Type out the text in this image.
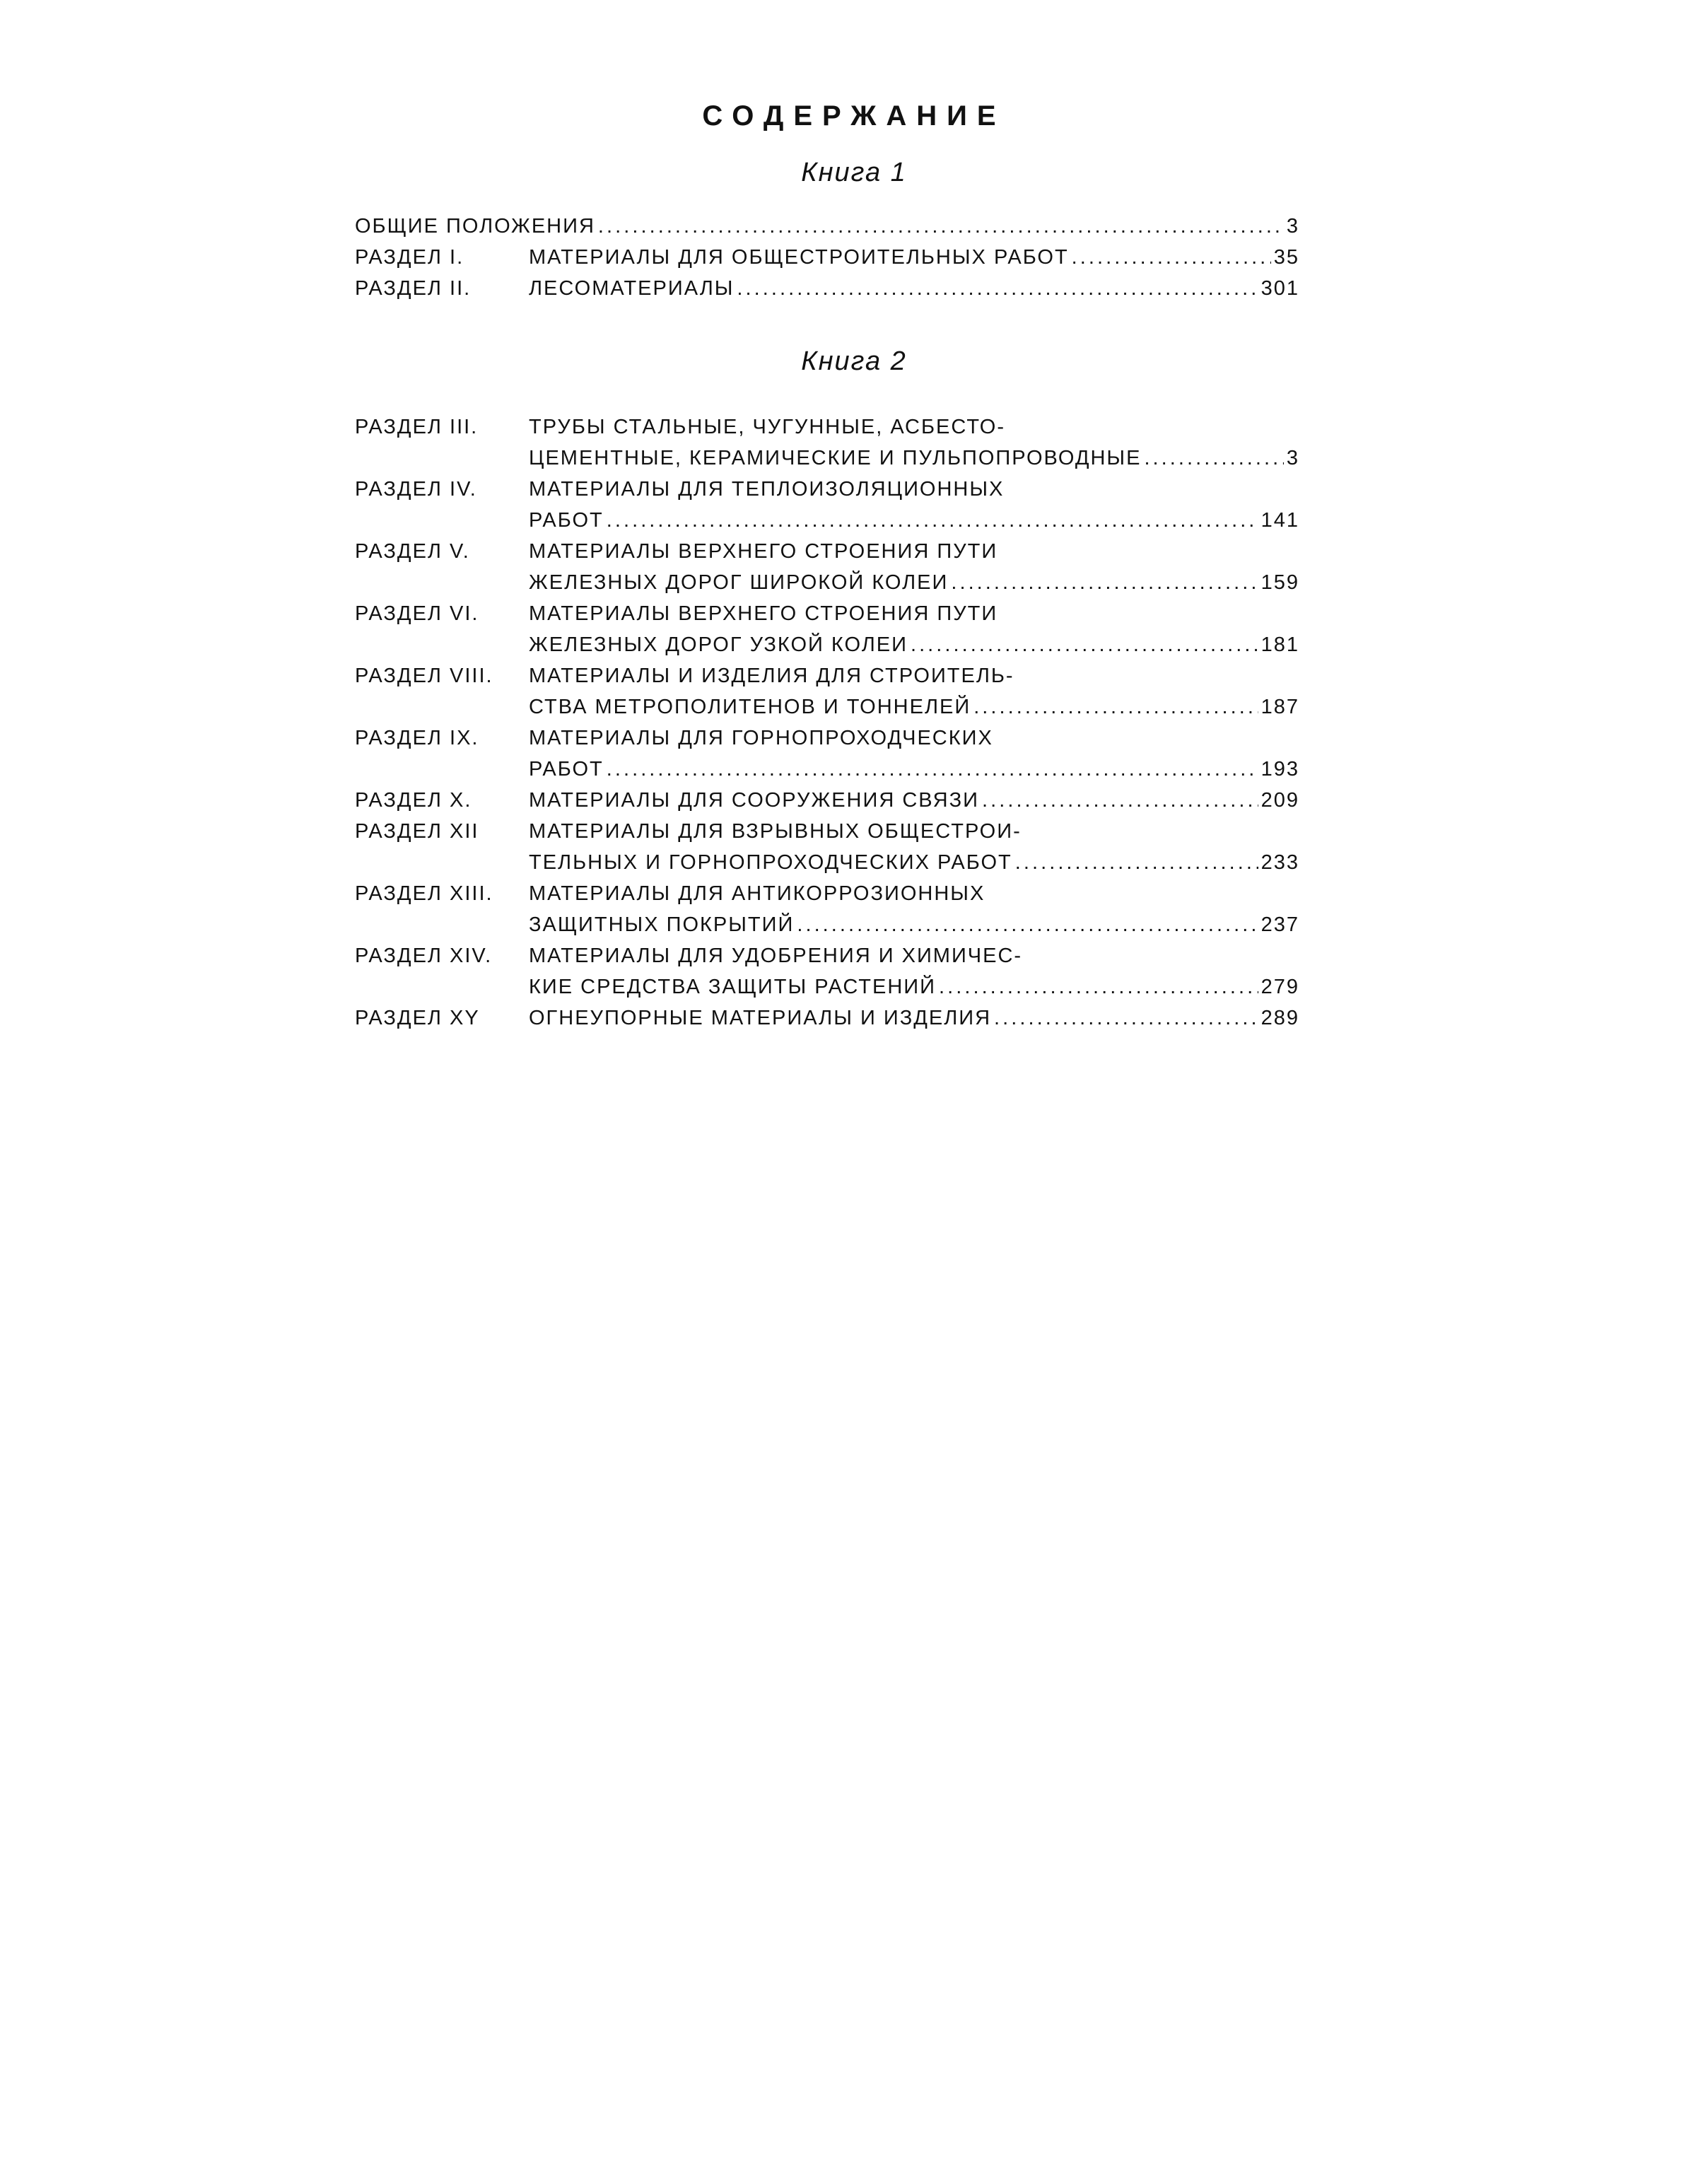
СОДЕРЖАНИЕ
Книга 1
ОБЩИЕ ПОЛОЖЕНИЯ . . .	3
РАЗДЕЛ I.	МАТЕРИАЛЫ ДЛЯ ОБЩЕСТРОИТЕЛЬНЫХ РАБОТ . . .	35
РАЗДЕЛ II.	ЛЕСОМАТЕРИАЛЫ . . .	301
Книга 2
РАЗДЕЛ III.	ТРУБЫ СТАЛЬНЫЕ, ЧУГУННЫЕ, АСБЕСТО-
ЦЕМЕНТНЫЕ, КЕРАМИЧЕСКИЕ И ПУЛЬПОПРОВОДНЫЕ . . .	3
РАЗДЕЛ IV.	МАТЕРИАЛЫ ДЛЯ ТЕПЛОИЗОЛЯЦИОННЫХ
РАБОТ . . .	141
РАЗДЕЛ V.	МАТЕРИАЛЫ ВЕРХНЕГО СТРОЕНИЯ ПУТИ
ЖЕЛЕЗНЫХ ДОРОГ ШИРОКОЙ КОЛЕИ . . .	159
РАЗДЕЛ VI.	МАТЕРИАЛЫ ВЕРХНЕГО СТРОЕНИЯ ПУТИ
ЖЕЛЕЗНЫХ ДОРОГ УЗКОЙ КОЛЕИ . . .	181
РАЗДЕЛ VIII.	МАТЕРИАЛЫ И ИЗДЕЛИЯ ДЛЯ СТРОИТЕЛЬ-
СТВА МЕТРОПОЛИТЕНОВ И ТОННЕЛЕЙ . . .	187
РАЗДЕЛ IX.	МАТЕРИАЛЫ ДЛЯ ГОРНОПРОХОДЧЕСКИХ
РАБОТ . . .	193
РАЗДЕЛ X.	МАТЕРИАЛЫ ДЛЯ СООРУЖЕНИЯ СВЯЗИ . . .	209
РАЗДЕЛ XII	МАТЕРИАЛЫ ДЛЯ ВЗРЫВНЫХ ОБЩЕСТРОИ-
ТЕЛЬНЫХ И ГОРНОПРОХОДЧЕСКИХ РАБОТ . . .	233
РАЗДЕЛ XIII.	МАТЕРИАЛЫ ДЛЯ АНТИКОРРОЗИОННЫХ
ЗАЩИТНЫХ ПОКРЫТИЙ . . .	237
РАЗДЕЛ XIV.	МАТЕРИАЛЫ ДЛЯ УДОБРЕНИЯ И ХИМИЧЕС-
КИЕ СРЕДСТВА ЗАЩИТЫ РАСТЕНИЙ . . .	279
РАЗДЕЛ XY	ОГНЕУПОРНЫЕ МАТЕРИАЛЫ И ИЗДЕЛИЯ . . .	289
